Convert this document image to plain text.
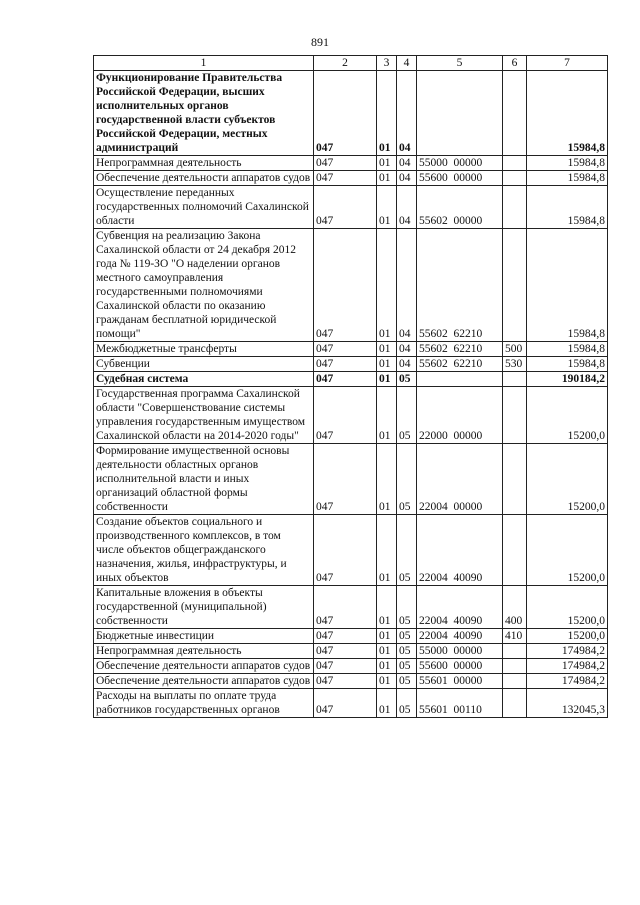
891
1	2	3	4	5	6	7
Функционирование Правительства Российской Федерации, высших исполнительных органов государственной власти субъектов Российской Федерации, местных администраций	047	01	04			15984,8
Непрограммная деятельность	047	01	04	55000  00000		15984,8
Обеспечение деятельности аппаратов судов	047	01	04	55600  00000		15984,8
Осуществление переданных государственных полномочий Сахалинской области	047	01	04	55602  00000		15984,8
Субвенция на реализацию Закона Сахалинской области от 24 декабря 2012 года № 119-ЗО "О наделении органов местного самоуправления государственными полномочиями Сахалинской области по оказанию гражданам бесплатной юридической помощи"	047	01	04	55602  62210		15984,8
Межбюджетные трансферты	047	01	04	55602  62210	500	15984,8
Субвенции	047	01	04	55602  62210	530	15984,8
Судебная система	047	01	05			190184,2
Государственная программа Сахалинской области "Совершенствование системы управления государственным имуществом Сахалинской области на 2014-2020 годы"	047	01	05	22000  00000		15200,0
Формирование имущественной основы деятельности областных органов исполнительной власти и иных организаций областной формы собственности	047	01	05	22004  00000		15200,0
Создание объектов социального и производственного комплексов, в том числе объектов общегражданского назначения, жилья, инфраструктуры, и иных объектов	047	01	05	22004  40090		15200,0
Капитальные вложения в объекты государственной (муниципальной) собственности	047	01	05	22004  40090	400	15200,0
Бюджетные инвестиции	047	01	05	22004  40090	410	15200,0
Непрограммная деятельность	047	01	05	55000  00000		174984,2
Обеспечение деятельности аппаратов судов	047	01	05	55600  00000		174984,2
Обеспечение деятельности аппаратов судов	047	01	05	55601  00000		174984,2
Расходы на выплаты по оплате труда работников государственных органов	047	01	05	55601  00110		132045,3
